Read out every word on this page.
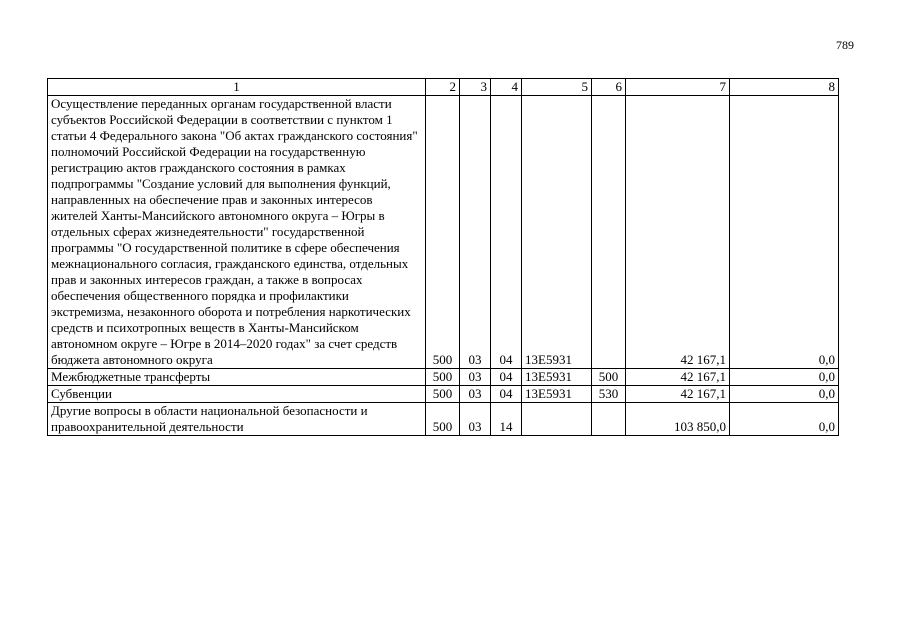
789
1	2	3	4	5	6	7	8
Осуществление переданных органам государственной власти субъектов Российской Федерации в соответствии с пунктом 1 статьи 4 Федерального закона "Об актах гражданского состояния" полномочий Российской Федерации на государственную регистрацию актов гражданского состояния в рамках подпрограммы "Создание условий для выполнения функций, направленных на обеспечение прав и законных интересов жителей Ханты-Мансийского автономного округа – Югры в отдельных сферах жизнедеятельности" государственной программы "О государственной политике в сфере обеспечения межнационального согласия, гражданского единства, отдельных прав и законных интересов граждан, а также в вопросах обеспечения общественного порядка и профилактики экстремизма, незаконного оборота и потребления наркотических средств и психотропных веществ в Ханты-Мансийском автономном округе – Югре в 2014–2020 годах" за счет средств бюджета автономного округа	500	03	04	13Е5931		42 167,1	0,0
Межбюджетные трансферты	500	03	04	13Е5931	500	42 167,1	0,0
Субвенции	500	03	04	13Е5931	530	42 167,1	0,0
Другие вопросы в области национальной безопасности и правоохранительной деятельности	500	03	14			103 850,0	0,0
